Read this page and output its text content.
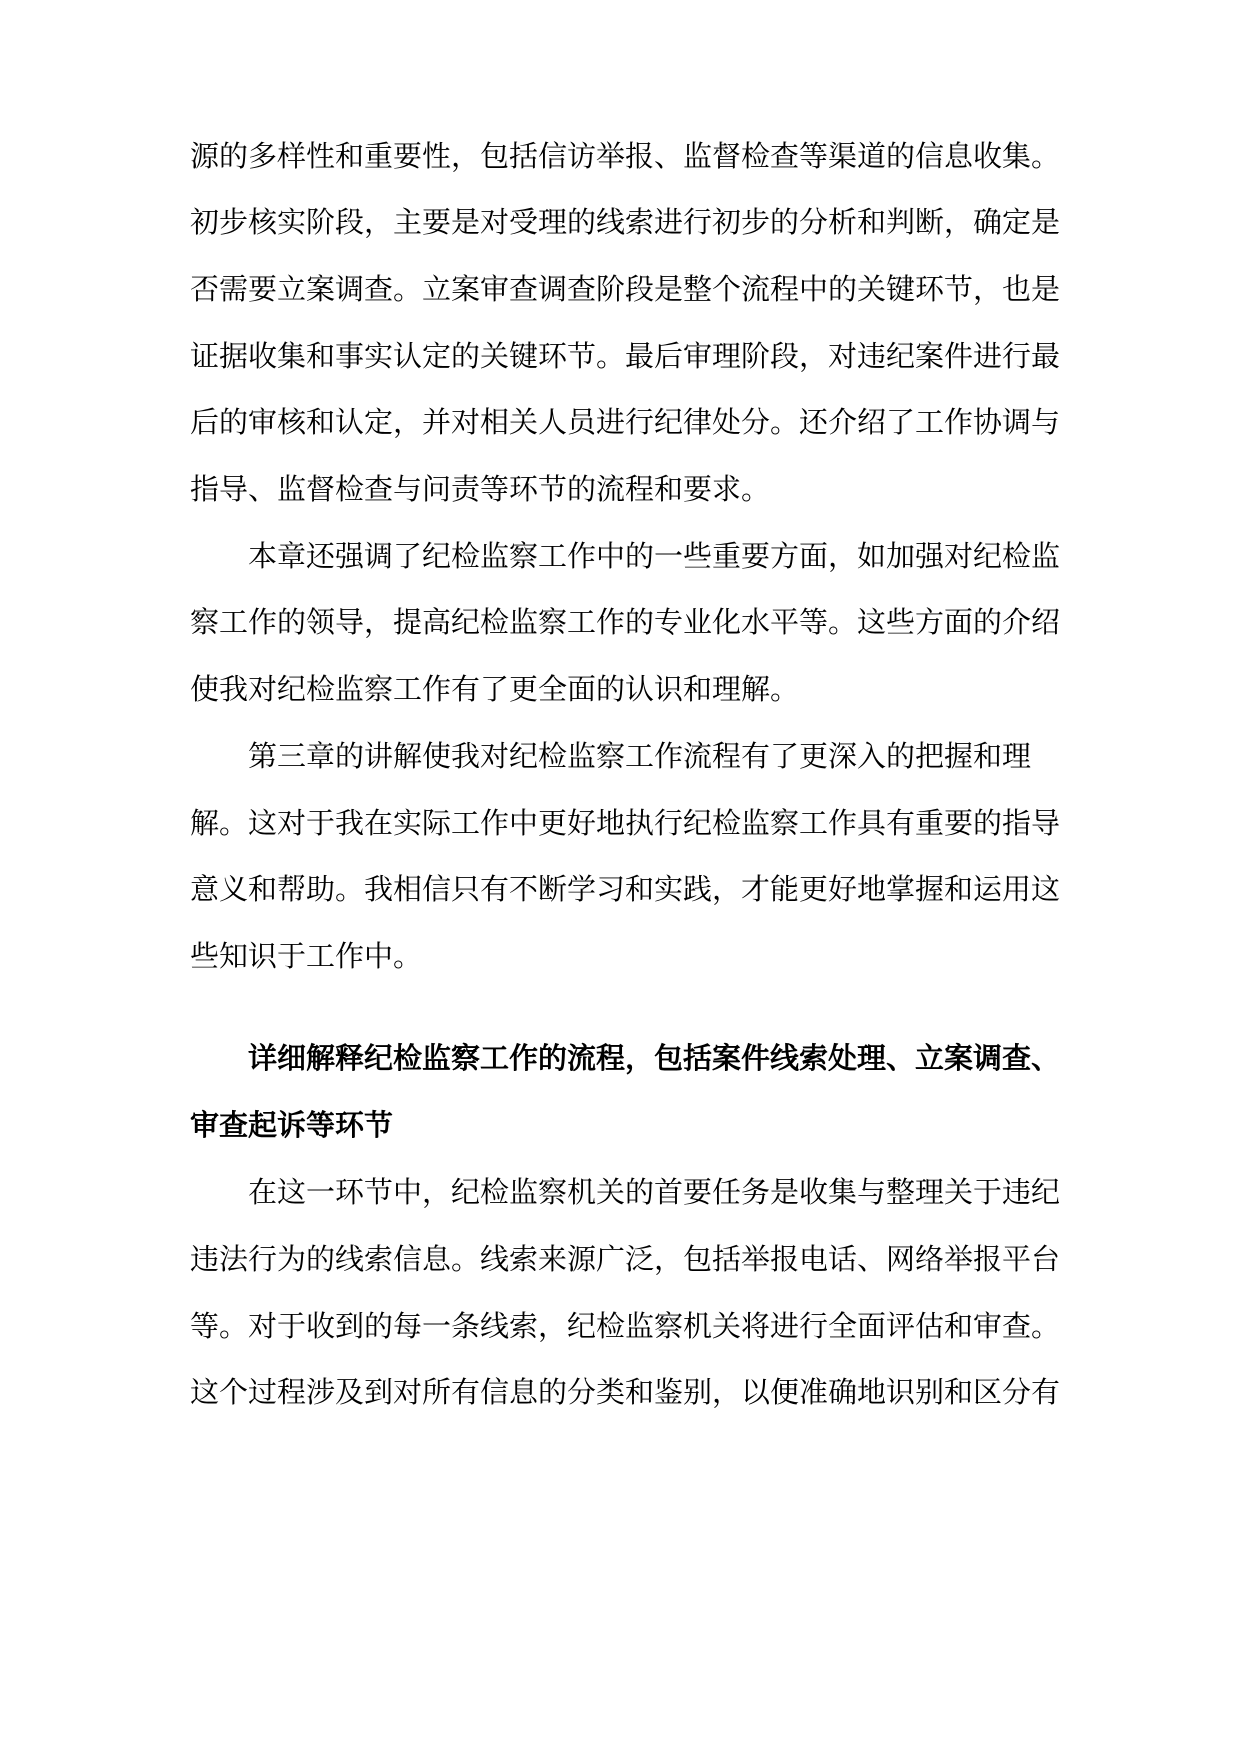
源的多样性和重要性，包括信访举报、监督检查等渠道的信息收集。
初步核实阶段，主要是对受理的线索进行初步的分析和判断，确定是
否需要立案调查。立案审查调查阶段是整个流程中的关键环节，也是
证据收集和事实认定的关键环节。最后审理阶段，对违纪案件进行最
后的审核和认定，并对相关人员进行纪律处分。还介绍了工作协调与
指导、监督检查与问责等环节的流程和要求。
本章还强调了纪检监察工作中的一些重要方面，如加强对纪检监
察工作的领导，提高纪检监察工作的专业化水平等。这些方面的介绍
使我对纪检监察工作有了更全面的认识和理解。
第三章的讲解使我对纪检监察工作流程有了更深入的把握和理
解。这对于我在实际工作中更好地执行纪检监察工作具有重要的指导
意义和帮助。我相信只有不断学习和实践，才能更好地掌握和运用这
些知识于工作中。
详细解释纪检监察工作的流程，包括案件线索处理、立案调查、
审查起诉等环节
在这一环节中，纪检监察机关的首要任务是收集与整理关于违纪
违法行为的线索信息。线索来源广泛，包括举报电话、网络举报平台
等。对于收到的每一条线索，纪检监察机关将进行全面评估和审查。
这个过程涉及到对所有信息的分类和鉴别，以便准确地识别和区分有
